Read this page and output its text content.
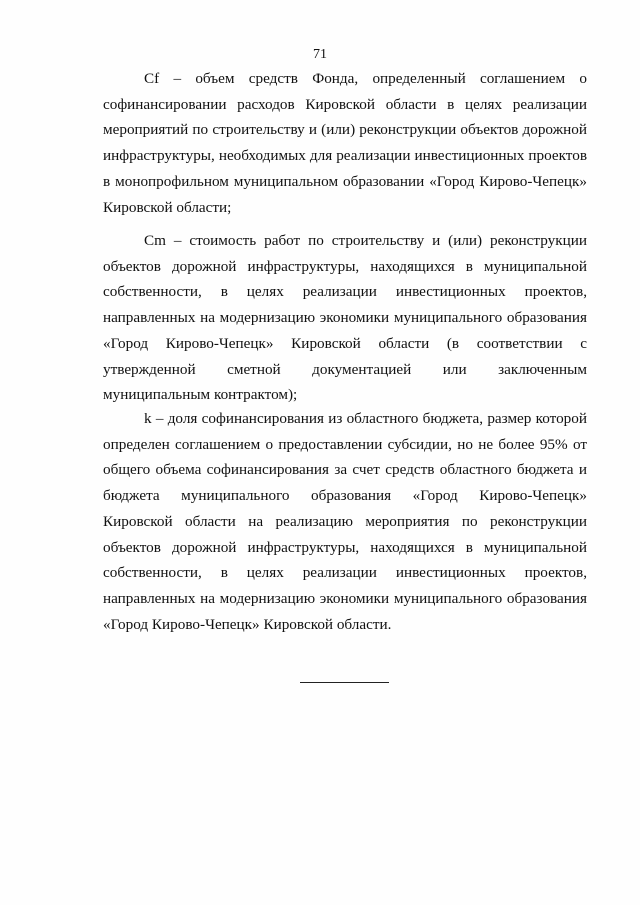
71

Cf – объем средств Фонда, определенный соглашением о софинансировании расходов Кировской области в целях реализации мероприятий по строительству и (или) реконструкции объектов дорожной инфраструктуры, необходимых для реализации инвестиционных проектов в монопрофильном муниципальном образовании «Город Кирово-Чепецк» Кировской области;

Cm – стоимость работ по строительству и (или) реконструкции объектов дорожной инфраструктуры, находящихся в муниципальной собственности, в целях реализации инвестиционных проектов, направленных на модернизацию экономики муниципального образования «Город Кирово-Чепецк» Кировской области (в соответствии с утвержденной сметной документацией или заключенным муниципальным контрактом);

k – доля софинансирования из областного бюджета, размер которой определен соглашением о предоставлении субсидии, но не более 95% от общего объема софинансирования за счет средств областного бюджета и бюджета муниципального образования «Город Кирово-Чепецк» Кировской области на реализацию мероприятия по реконструкции объектов дорожной инфраструктуры, находящихся в муниципальной собственности, в целях реализации инвестиционных проектов, направленных на модернизацию экономики муниципального образования «Город Кирово-Чепецк» Кировской области.
